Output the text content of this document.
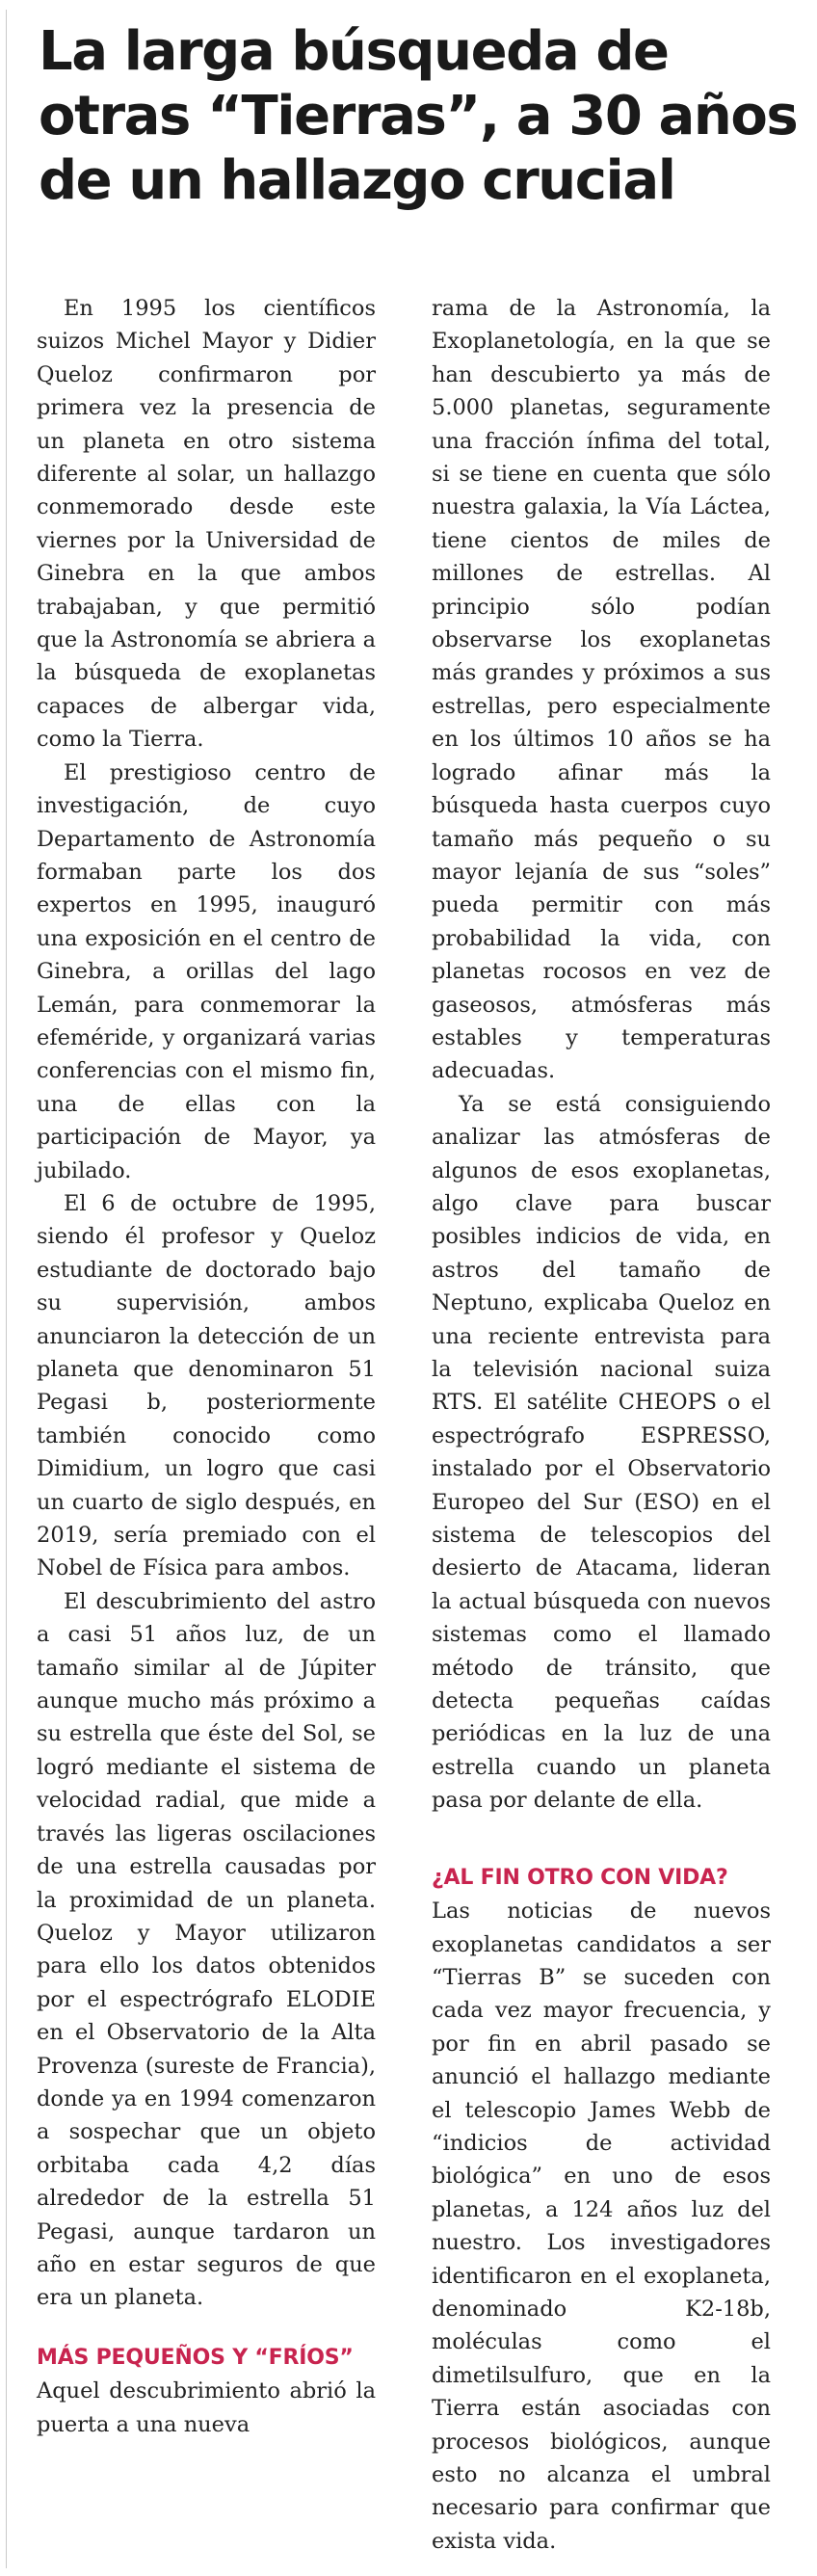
La larga búsqueda de
otras “Tierras”, a 30 años
de un hallazgo crucial

En 1995 los científicos suizos Michel Mayor y Didier Queloz confirmaron por primera vez la presencia de un planeta en otro sistema diferente al solar, un hallazgo conmemorado desde este viernes por la Universidad de Ginebra en la que ambos trabajaban, y que permitió que la Astronomía se abriera a la búsqueda de exoplanetas capaces de albergar vida, como la Tierra.

El prestigioso centro de investigación, de cuyo Departamento de Astronomía formaban parte los dos expertos en 1995, inauguró una exposición en el centro de Ginebra, a orillas del lago Lemán, para conmemorar la efeméride, y organizará varias conferencias con el mismo fin, una de ellas con la participación de Mayor, ya jubilado.

El 6 de octubre de 1995, siendo él profesor y Queloz estudiante de doctorado bajo su supervisión, ambos anunciaron la detección de un planeta que denominaron 51 Pegasi b, posteriormente también conocido como Dimidium, un logro que casi un cuarto de siglo después, en 2019, sería premiado con el Nobel de Física para ambos.

El descubrimiento del astro a casi 51 años luz, de un tamaño similar al de Júpiter aunque mucho más próximo a su estrella que éste del Sol, se logró mediante el sistema de velocidad radial, que mide a través las ligeras oscilaciones de una estrella causadas por la proximidad de un planeta. Queloz y Mayor utilizaron para ello los datos obtenidos por el espectrógrafo ELODIE en el Observatorio de la Alta Provenza (sureste de Francia), donde ya en 1994 comenzaron a sospechar que un objeto orbitaba cada 4,2 días alrededor de la estrella 51 Pegasi, aunque tardaron un año en estar seguros de que era un planeta.

MÁS PEQUEÑOS Y “FRÍOS”

Aquel descubrimiento abrió la puerta a una nueva

rama de la Astronomía, la Exoplanetología, en la que se han descubierto ya más de 5.000 planetas, seguramente una fracción ínfima del total, si se tiene en cuenta que sólo nuestra galaxia, la Vía Láctea, tiene cientos de miles de millones de estrellas. Al principio sólo podían observarse los exoplanetas más grandes y próximos a sus estrellas, pero especialmente en los últimos 10 años se ha logrado afinar más la búsqueda hasta cuerpos cuyo tamaño más pequeño o su mayor lejanía de sus “soles” pueda permitir con más probabilidad la vida, con planetas rocosos en vez de gaseosos, atmósferas más estables y temperaturas adecuadas.

Ya se está consiguiendo analizar las atmósferas de algunos de esos exoplanetas, algo clave para buscar posibles indicios de vida, en astros del tamaño de Neptuno, explicaba Queloz en una reciente entrevista para la televisión nacional suiza RTS. El satélite CHEOPS o el espectrógrafo ESPRESSO, instalado por el Observatorio Europeo del Sur (ESO) en el sistema de telescopios del desierto de Atacama, lideran la actual búsqueda con nuevos sistemas como el llamado método de tránsito, que detecta pequeñas caídas periódicas en la luz de una estrella cuando un planeta pasa por delante de ella.

¿AL FIN OTRO CON VIDA?

Las noticias de nuevos exoplanetas candidatos a ser “Tierras B” se suceden con cada vez mayor frecuencia, y por fin en abril pasado se anunció el hallazgo mediante el telescopio James Webb de “indicios de actividad biológica” en uno de esos planetas, a 124 años luz del nuestro. Los investigadores identificaron en el exoplaneta, denominado K2-18b, moléculas como el dimetilsulfuro, que en la Tierra están asociadas con procesos biológicos, aunque esto no alcanza el umbral necesario para confirmar que exista vida.
